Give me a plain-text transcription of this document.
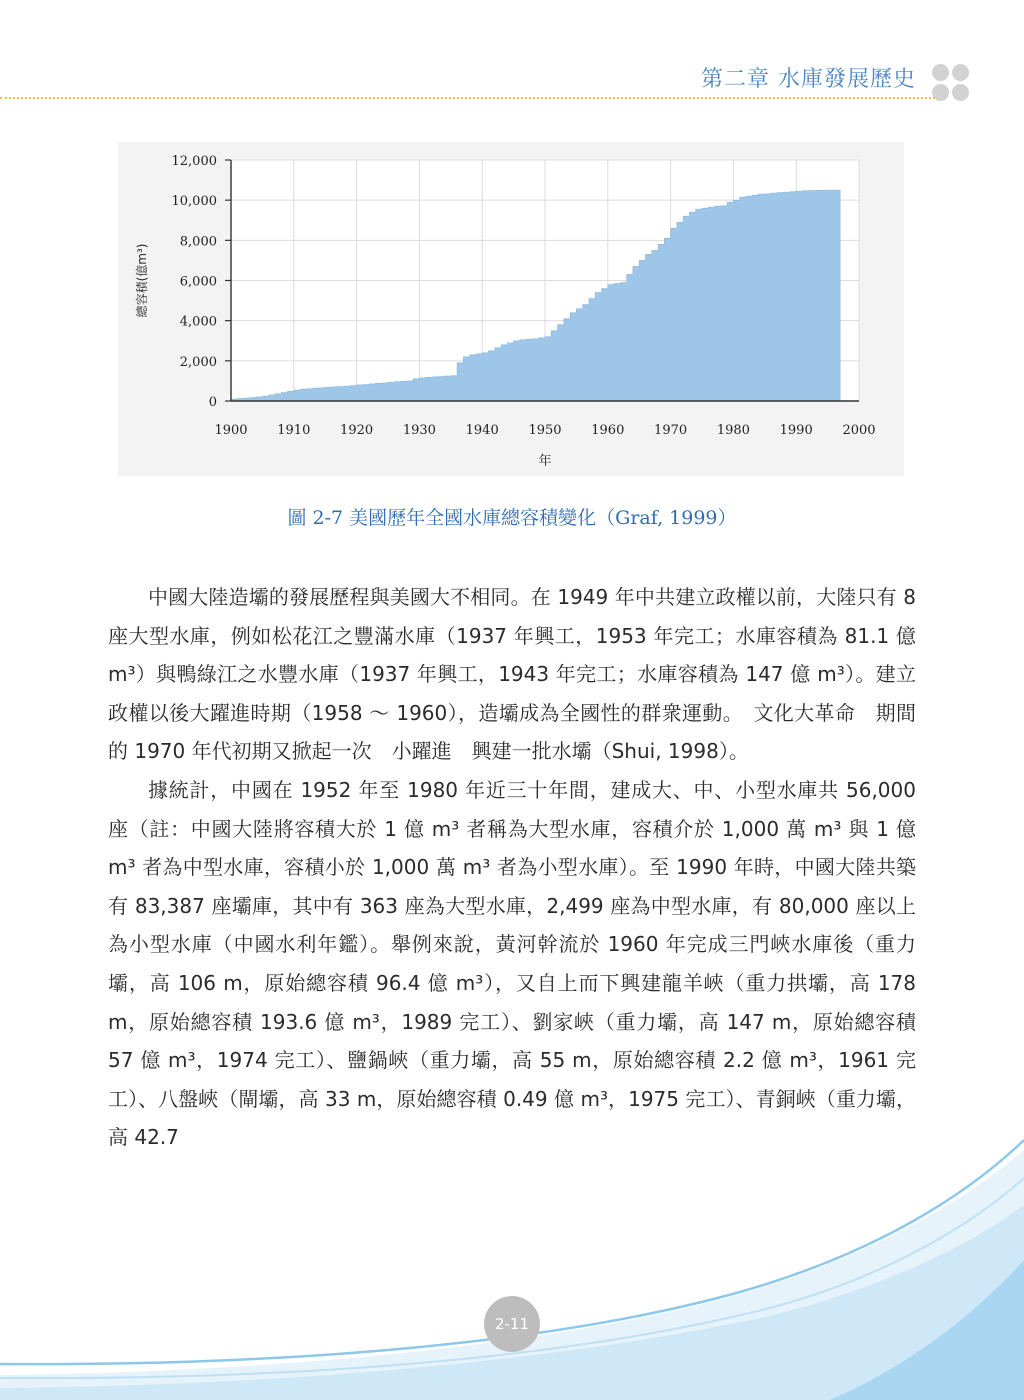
第二章 水庫發展歷史
0
2,000
4,000
6,000
8,000
10,000
12,000
1900 1910 1920 1930 1940 1950 1960 1970 1980 1990 2000
年
總容積(億m³)
圖 2-7 美國歷年全國水庫總容積變化（Graf, 1999）

中國大陸造壩的發展歷程與美國大不相同。在 1949 年中共建立政權以前，大陸只有 8 座大型水庫，例如松花江之豐滿水庫（1937 年興工，1953 年完工；水庫容積為 81.1 億 m³）與鴨綠江之水豐水庫（1937 年興工，1943 年完工；水庫容積為 147 億 m³）。建立政權以後大躍進時期（1958 ～ 1960），造壩成為全國性的群衆運動。　文化大革命　期間的 1970 年代初期又掀起一次　小躍進　興建一批水壩（Shui, 1998）。

據統計，中國在 1952 年至 1980 年近三十年間，建成大、中、小型水庫共 56,000 座（註：中國大陸將容積大於 1 億 m³ 者稱為大型水庫，容積介於 1,000 萬 m³ 與 1 億 m³ 者為中型水庫，容積小於 1,000 萬 m³ 者為小型水庫）。至 1990 年時，中國大陸共築有 83,387 座壩庫，其中有 363 座為大型水庫，2,499 座為中型水庫，有 80,000 座以上為小型水庫（中國水利年鑑）。舉例來說，黃河幹流於 1960 年完成三門峽水庫後（重力壩，高 106 m，原始總容積 96.4 億 m³），又自上而下興建龍羊峽（重力拱壩，高 178 m，原始總容積 193.6 億 m³，1989 完工）、劉家峽（重力壩，高 147 m，原始總容積 57 億 m³，1974 完工）、鹽鍋峽（重力壩，高 55 m，原始總容積 2.2 億 m³，1961 完工）、八盤峽（閘壩，高 33 m，原始總容積 0.49 億 m³，1975 完工）、青銅峽（重力壩，高 42.7

2-11
